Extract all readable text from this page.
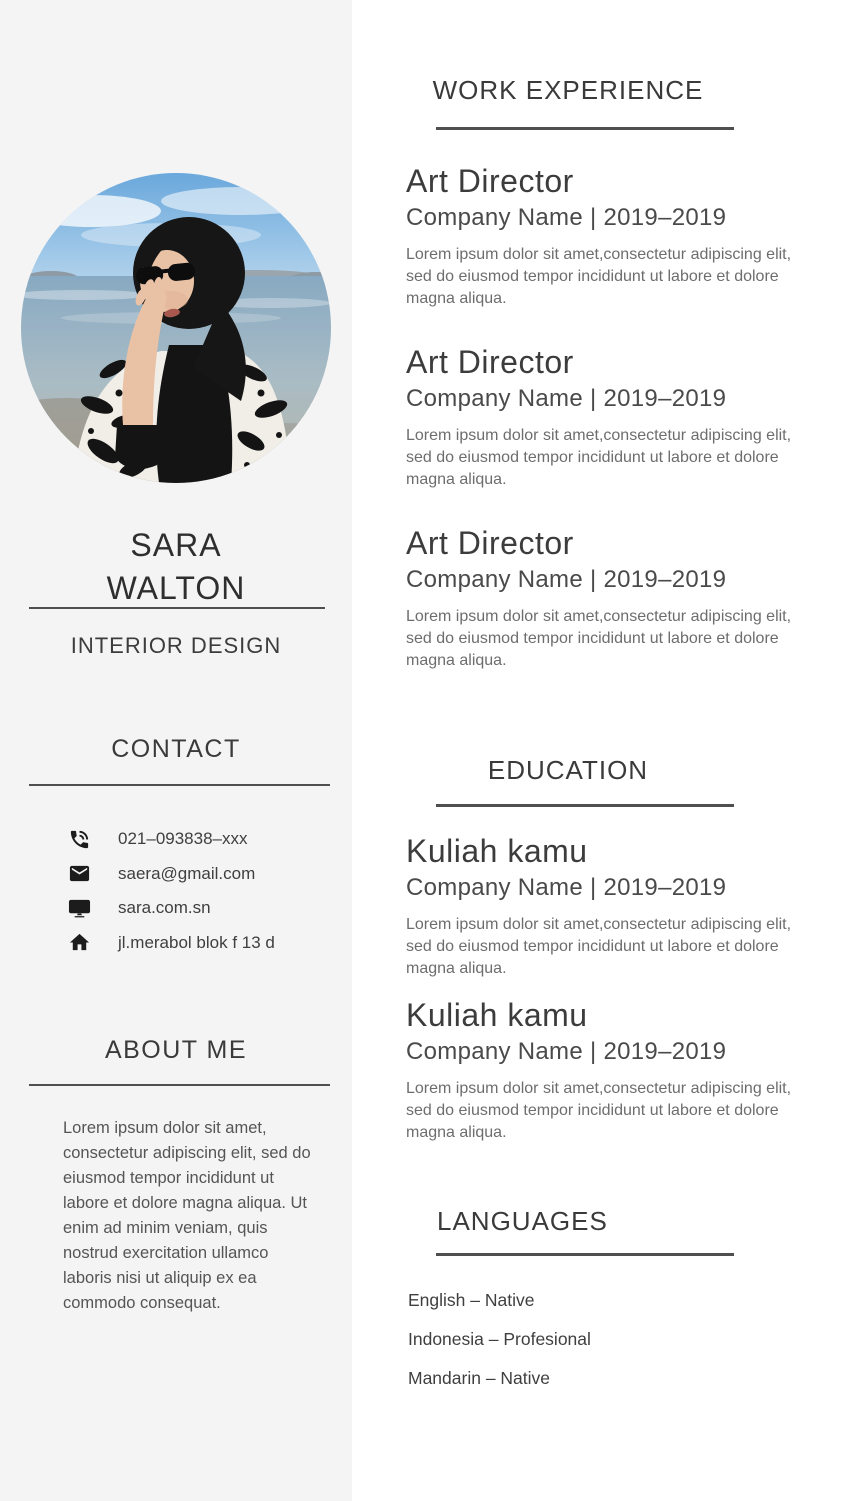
SARA
WALTON
INTERIOR DESIGN
CONTACT
021–093838–xxx
saera@gmail.com
sara.com.sn
jl.merabol blok f 13 d
ABOUT ME

Lorem ipsum dolor sit amet, consectetur adipiscing elit, sed do eiusmod tempor incididunt ut labore et dolore magna aliqua. Ut enim ad minim veniam, quis nostrud exercitation ullamco laboris nisi ut aliquip ex ea commodo consequat.

WORK EXPERIENCE
Art Director
Company Name | 2019–2019

Lorem ipsum dolor sit amet,consectetur adipiscing elit, sed do eiusmod tempor incididunt ut labore et dolore magna aliqua.

Art Director
Company Name | 2019–2019

Lorem ipsum dolor sit amet,consectetur adipiscing elit, sed do eiusmod tempor incididunt ut labore et dolore magna aliqua.

Art Director
Company Name | 2019–2019

Lorem ipsum dolor sit amet,consectetur adipiscing elit, sed do eiusmod tempor incididunt ut labore et dolore magna aliqua.

EDUCATION
Kuliah kamu
Company Name | 2019–2019

Lorem ipsum dolor sit amet,consectetur adipiscing elit, sed do eiusmod tempor incididunt ut labore et dolore magna aliqua.

Kuliah kamu
Company Name | 2019–2019

Lorem ipsum dolor sit amet,consectetur adipiscing elit, sed do eiusmod tempor incididunt ut labore et dolore magna aliqua.

LANGUAGES
English – Native
Indonesia – Profesional
Mandarin – Native
